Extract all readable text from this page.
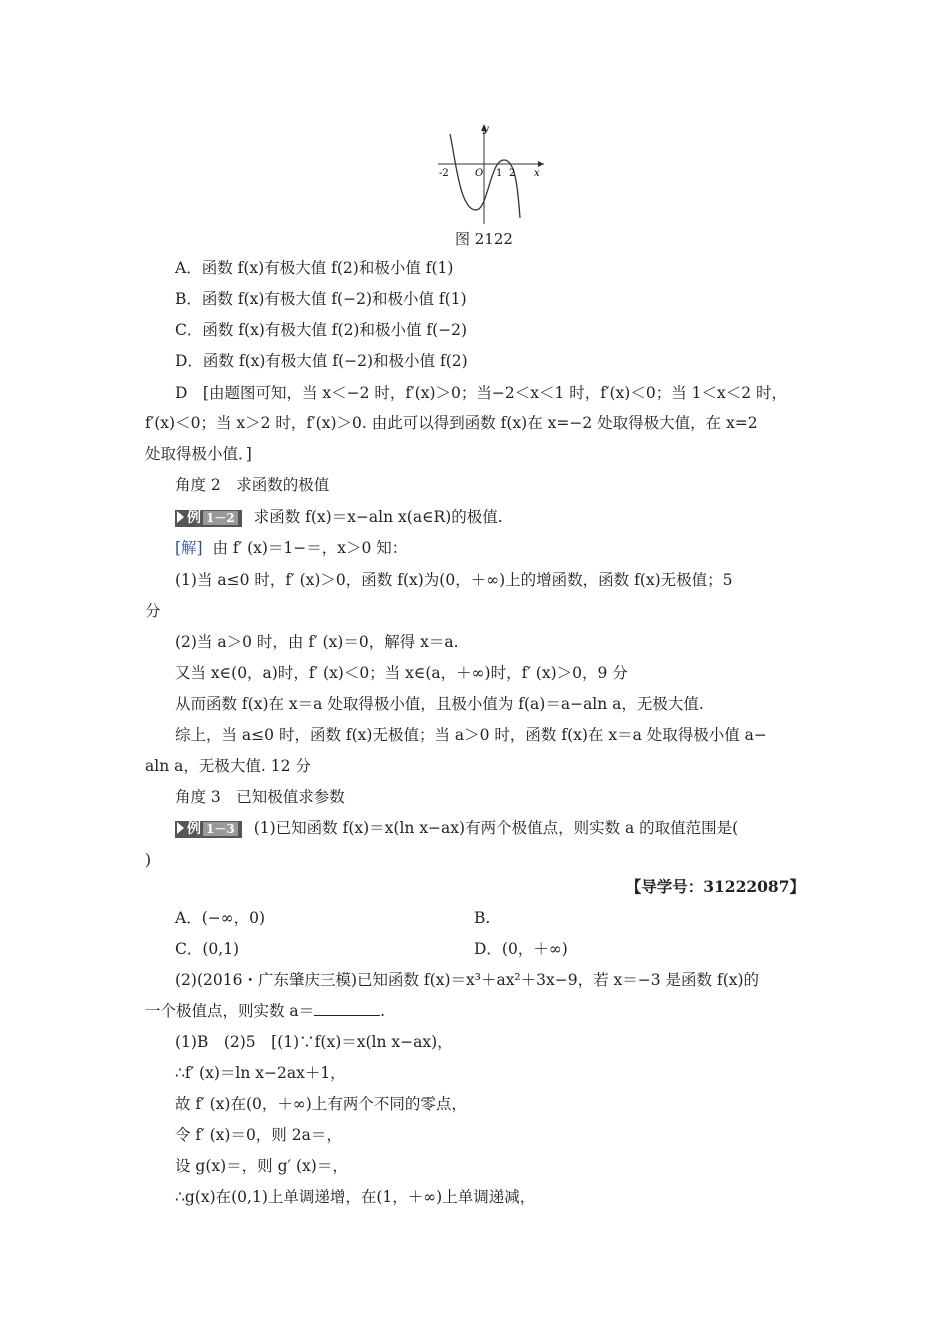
y
x
O
-2	1 2
图 2122
A．函数 f(x)有极大值 f(2)和极小值 f(1)
B．函数 f(x)有极大值 f(−2)和极小值 f(1)
C．函数 f(x)有极大值 f(2)和极小值 f(−2)
D．函数 f(x)有极大值 f(−2)和极小值 f(2)
D　[由题图可知，当 x＜−2 时，f′(x)＞0；当−2＜x＜1 时，f′(x)＜0；当 1＜x＜2 时，
f′(x)＜0；当 x＞2 时，f′(x)＞0. 由此可以得到函数 f(x)在 x=−2 处取得极大值，在 x=2
处取得极小值．]
角度 2　求函数的极值
例 1－2 求函数 f(x)＝x−aln x(a∈R)的极值.
[解] 由 f′ (x)＝1−＝，x＞0 知：
(1)当 a≤0 时，f′ (x)＞0，函数 f(x)为(0，＋∞)上的增函数，函数 f(x)无极值；5
分
(2)当 a＞0 时，由 f′ (x)＝0，解得 x＝a.
又当 x∈(0，a)时，f′ (x)＜0；当 x∈(a，＋∞)时，f′ (x)＞0，9 分
从而函数 f(x)在 x＝a 处取得极小值，且极小值为 f(a)＝a−aln a，无极大值.
综上，当 a≤0 时，函数 f(x)无极值；当 a＞0 时，函数 f(x)在 x＝a 处取得极小值 a−
aln a，无极大值. 12 分
角度 3　已知极值求参数
例 1－3 (1)已知函数 f(x)＝x(ln x−ax)有两个极值点，则实数 a 的取值范围是(
)
【导学号：31222087】
A．(−∞，0)	B.
C．(0,1)	D．(0，＋∞)
(2)(2016・广东肇庆三模)已知函数 f(x)＝x³＋ax²＋3x−9，若 x＝−3 是函数 f(x)的
一个极值点，则实数 a＝	.
(1)B　(2)5　[(1)∵f(x)＝x(ln x−ax)，
∴f′ (x)＝ln x−2ax＋1，
故 f′ (x)在(0，＋∞)上有两个不同的零点，
令 f′ (x)＝0，则 2a＝，
设 g(x)＝，则 g′ (x)＝，
∴g(x)在(0,1)上单调递增，在(1，＋∞)上单调递减，
